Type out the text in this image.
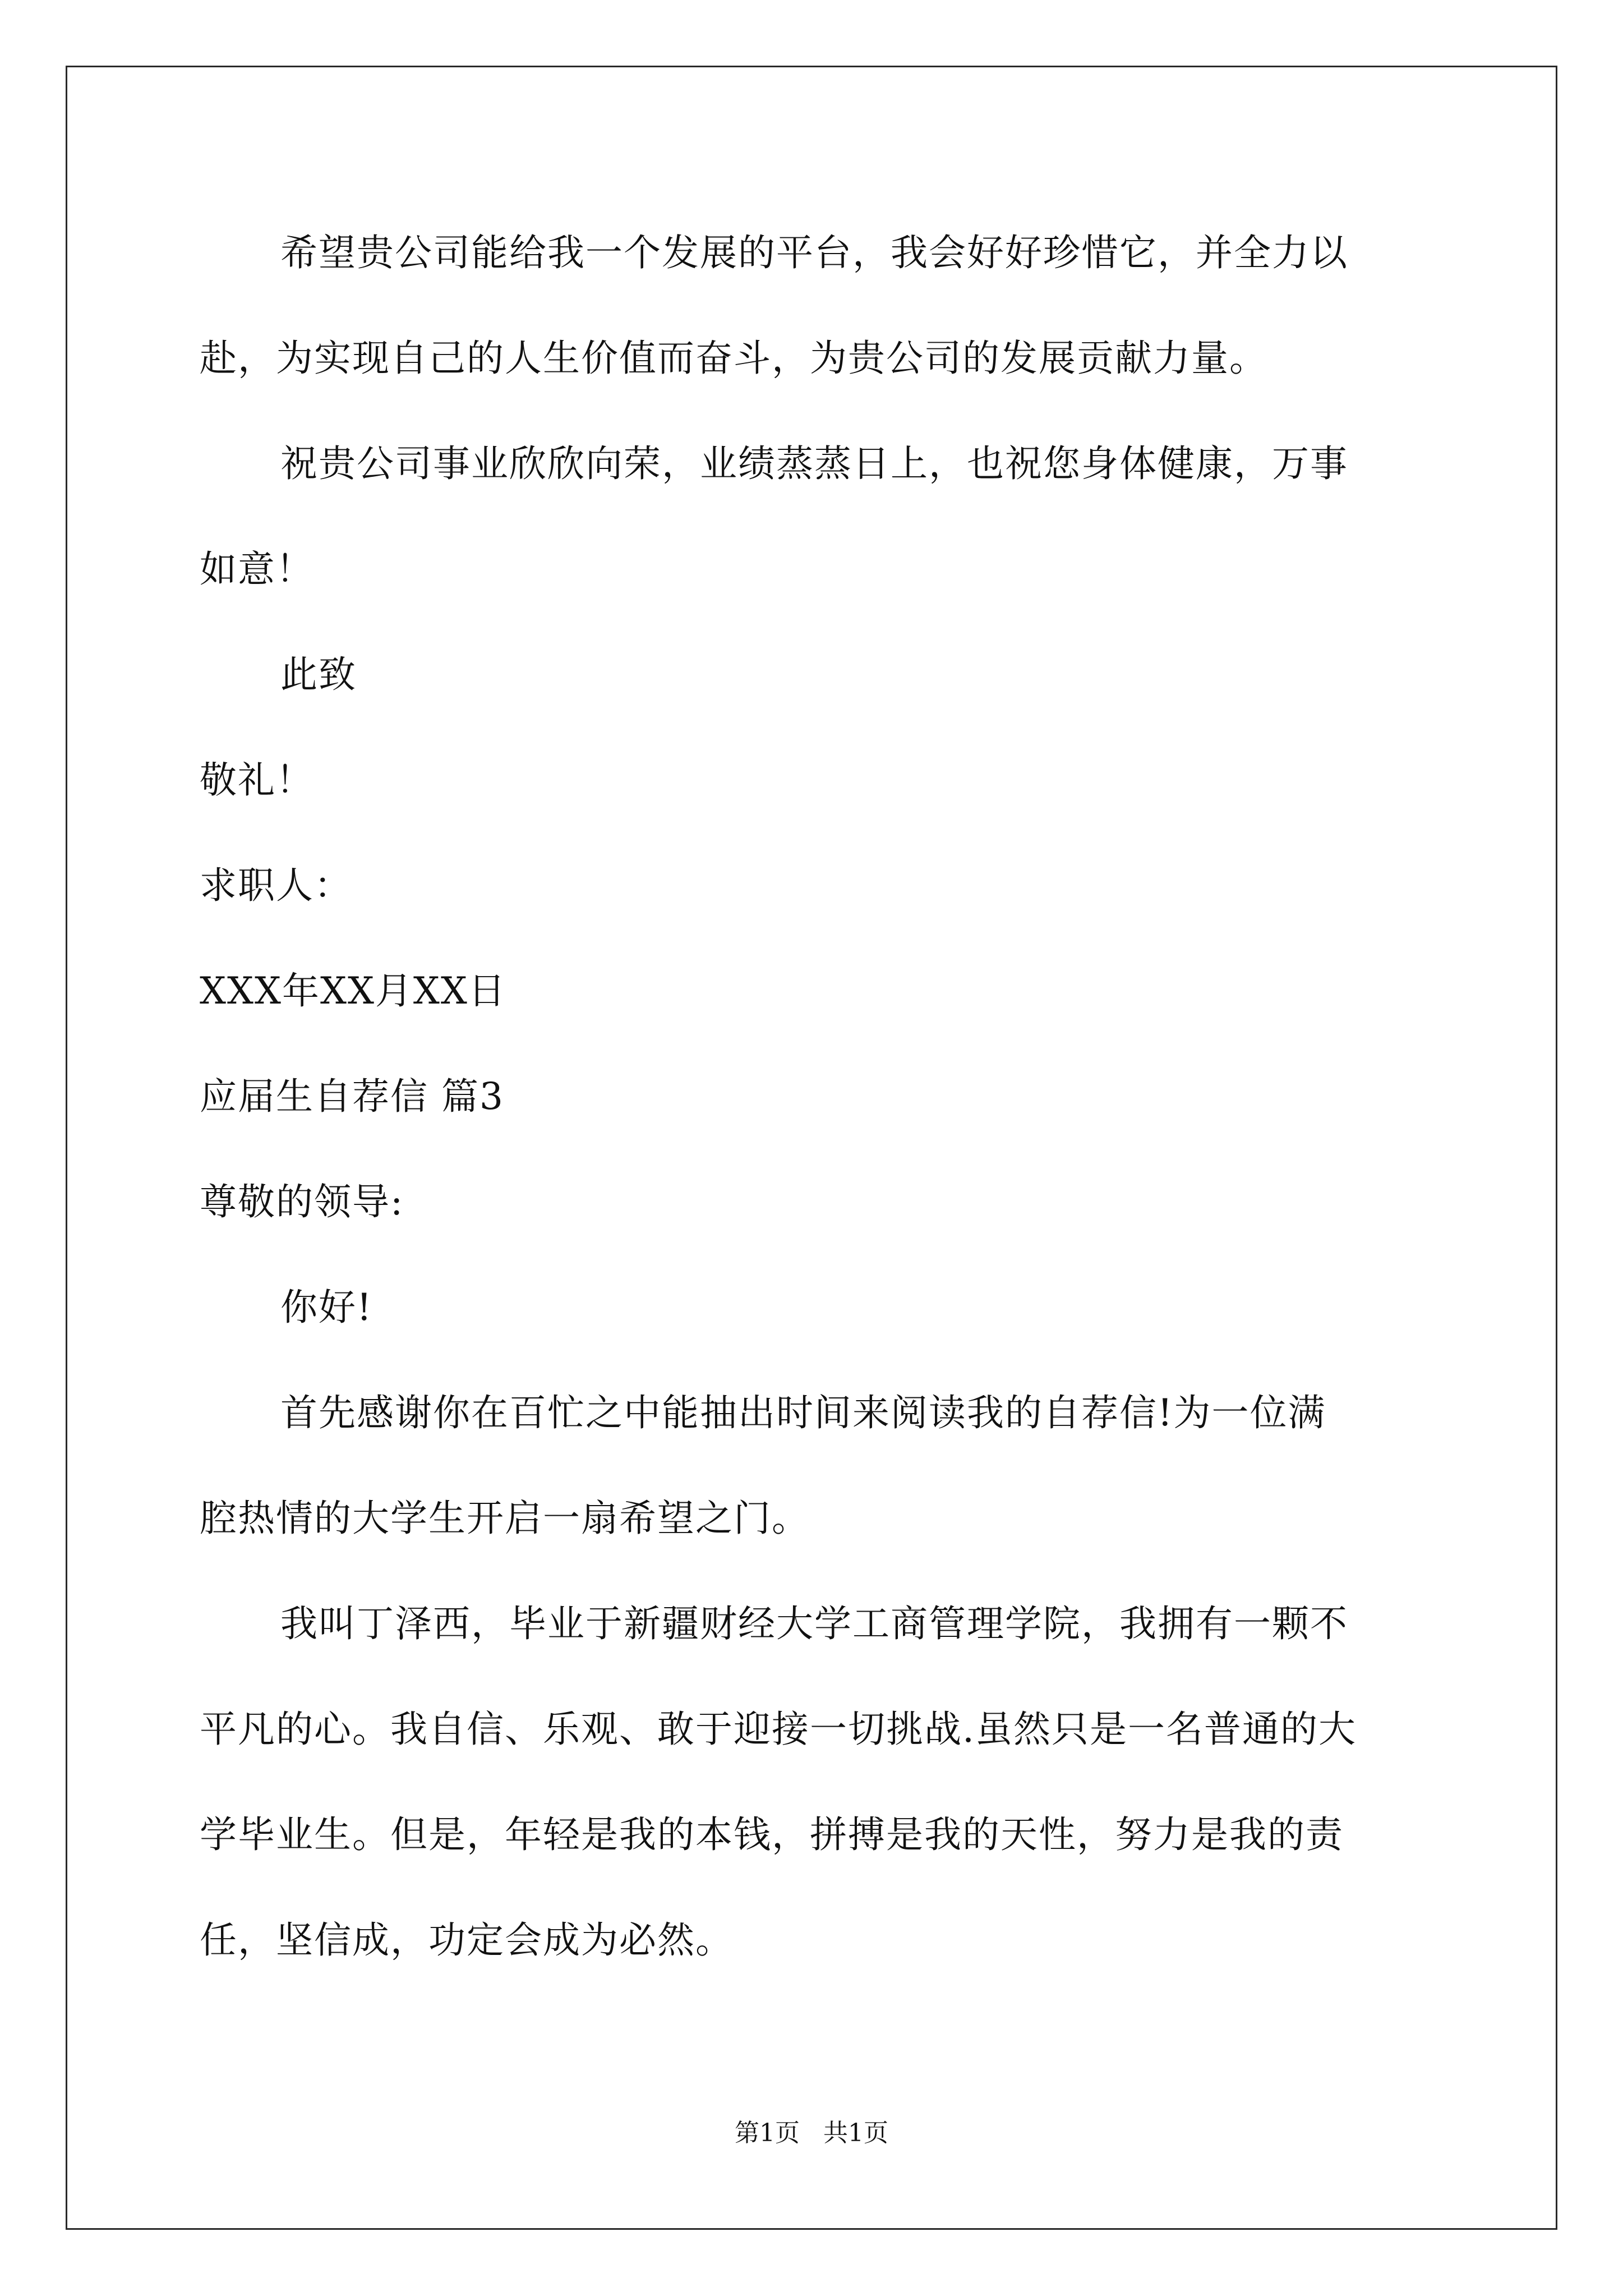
希望贵公司能给我一个发展的平台，我会好好珍惜它，并全力以
赴，为实现自己的人生价值而奋斗，为贵公司的发展贡献力量。
祝贵公司事业欣欣向荣，业绩蒸蒸日上，也祝您身体健康，万事
如意！
此致
敬礼！
求职人：
XXX年XX月XX日
应届生自荐信 篇3
尊敬的领导:
你好!
首先感谢你在百忙之中能抽出时间来阅读我的自荐信!为一位满
腔热情的大学生开启一扇希望之门。
我叫丁泽西，毕业于新疆财经大学工商管理学院，我拥有一颗不
平凡的心。我自信、乐观、敢于迎接一切挑战.虽然只是一名普通的大
学毕业生。但是，年轻是我的本钱，拼搏是我的天性，努力是我的责
任，坚信成，功定会成为必然。
第1页   共1页
